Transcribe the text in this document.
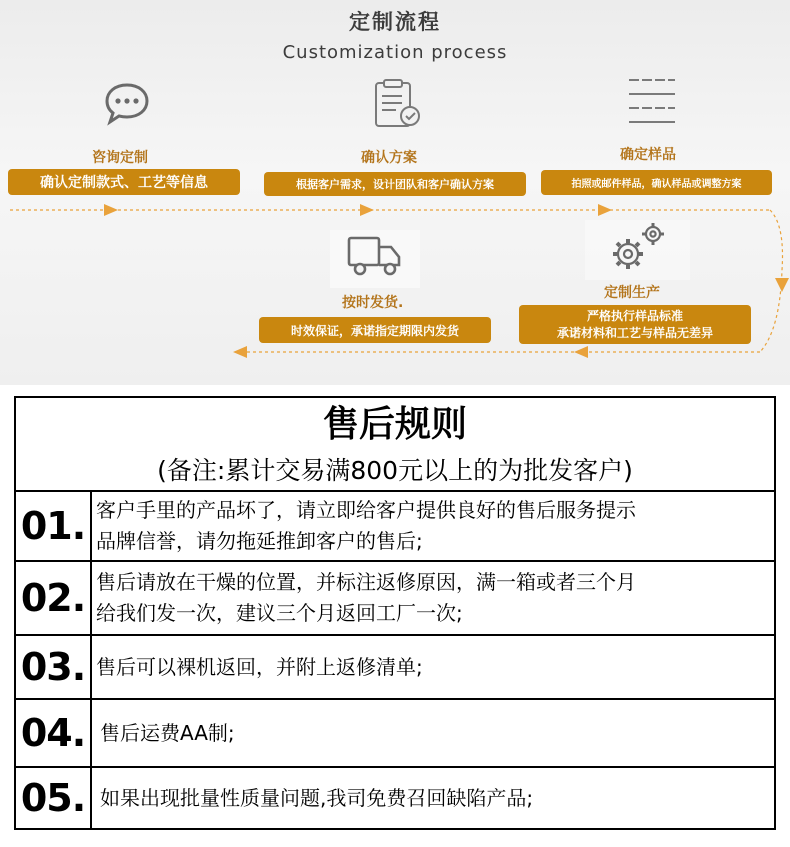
定制流程
Customization process
咨询定制
确认定制款式、工艺等信息
确认方案
根据客户需求，设计团队和客户确认方案
确定样品
拍照或邮件样品，确认样品或调整方案
定制生产
严格执行样品标准
承诺材料和工艺与样品无差异
按时发货.
时效保证，承诺指定期限内发货
售后规则
(备注:累计交易满800元以上的为批发客户)
01. 客户手里的产品坏了，请立即给客户提供良好的售后服务提示
品牌信誉，请勿拖延推卸客户的售后;
02. 售后请放在干燥的位置，并标注返修原因，满一箱或者三个月
给我们发一次，建议三个月返回工厂一次;
03. 售后可以裸机返回，并附上返修清单;
04. 售后运费AA制;
05. 如果出现批量性质量问题,我司免费召回缺陷产品;
